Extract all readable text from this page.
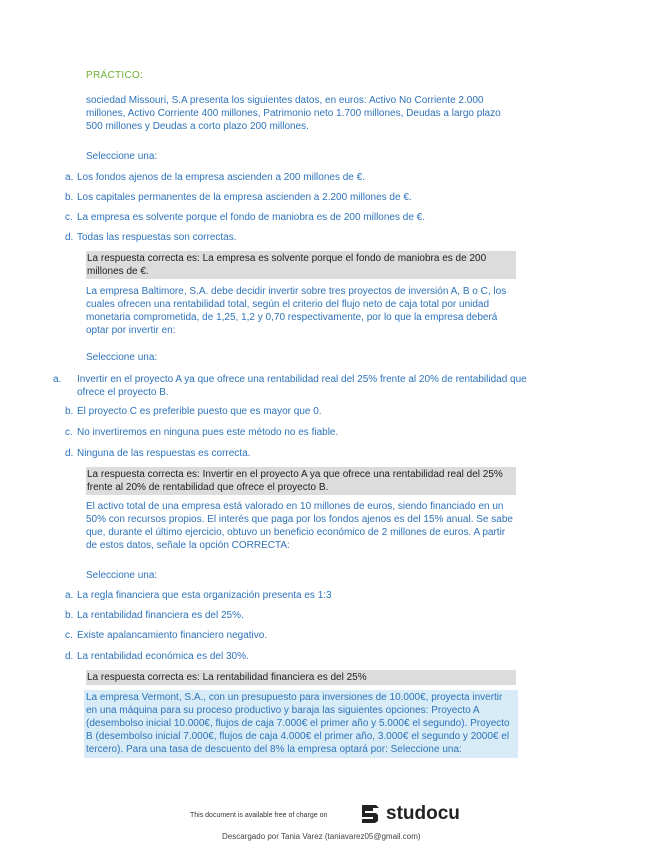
PRÁCTICO:
sociedad Missouri, S.A presenta los siguientes datos, en euros: Activo No Corriente 2.000 millones, Activo Corriente 400 millones, Patrimonio neto 1.700 millones, Deudas a largo plazo 500 millones y Deudas a corto plazo 200 millones.
Seleccione una:
a. Los fondos ajenos de la empresa ascienden a 200 millones de €.
b. Los capitales permanentes de la empresa ascienden a 2.200 millones de €.
c. La empresa es solvente porque el fondo de maniobra es de 200 millones de €.
d. Todas las respuestas son correctas.
La respuesta correcta es: La empresa es solvente porque el fondo de maniobra es de 200
millones de €.
La empresa Baltimore, S.A. debe decidir invertir sobre tres proyectos de inversión A, B o C, los cuales ofrecen una rentabilidad total, según el criterio del flujo neto de caja total por unidad monetaria comprometida, de 1,25, 1,2 y 0,70 respectivamente, por lo que la empresa deberá optar por invertir en:
Seleccione una:
a. Invertir en el proyecto A ya que ofrece una rentabilidad real del 25% frente al 20% de rentabilidad que ofrece el proyecto B.
b. El proyecto C es preferible puesto que es mayor que 0.
c. No invertiremos en ninguna pues este método no es fiable.
d. Ninguna de las respuestas es correcta.
La respuesta correcta es: Invertir en el proyecto A ya que ofrece una rentabilidad real del 25%
frente al 20% de rentabilidad que ofrece el proyecto B.
El activo total de una empresa está valorado en 10 millones de euros, siendo financiado en un 50% con recursos propios. El interés que paga por los fondos ajenos es del 15% anual. Se sabe que, durante el último ejercicio, obtuvo un beneficio económico de 2 millones de euros. A partir de estos datos, señale la opción CORRECTA:
Seleccione una:
a. La regla financiera que esta organización presenta es 1:3
b. La rentabilidad financiera es del 25%.
c. Existe apalancamiento financiero negativo.
d. La rentabilidad económica es del 30%.
La respuesta correcta es: La rentabilidad financiera es del 25%
La empresa Vermont, S.A., con un presupuesto para inversiones de 10.000€, proyecta invertir en una máquina para su proceso productivo y baraja las siguientes opciones: Proyecto A (desembolso inicial 10.000€, flujos de caja 7.000€ el primer año y 5.000€ el segundo). Proyecto B (desembolso inicial 7.000€, flujos de caja 4.000€ el primer año, 3.000€ el segundo y 2000€ el tercero). Para una tasa de descuento del 8% la empresa optará por: Seleccione una:
This document is available free of charge on	studocu
Descargado por Tania Varez (taniavarez05@gmail.com)
